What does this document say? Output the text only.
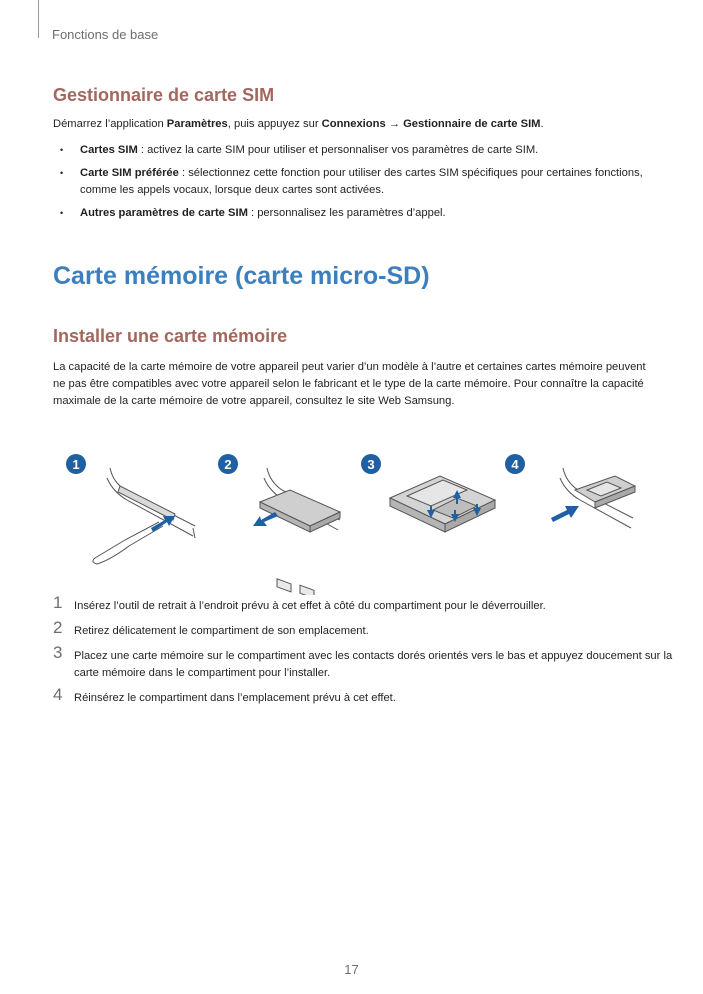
Fonctions de base
Gestionnaire de carte SIM
Démarrez l’application Paramètres, puis appuyez sur Connexions → Gestionnaire de carte SIM.
• Cartes SIM : activez la carte SIM pour utiliser et personnaliser vos paramètres de carte SIM.
• Carte SIM préférée : sélectionnez cette fonction pour utiliser des cartes SIM spécifiques pour certaines fonctions, comme les appels vocaux, lorsque deux cartes sont activées.
• Autres paramètres de carte SIM : personnalisez les paramètres d’appel.
Carte mémoire (carte micro-SD)
Installer une carte mémoire
La capacité de la carte mémoire de votre appareil peut varier d’un modèle à l’autre et certaines cartes mémoire peuvent ne pas être compatibles avec votre appareil selon le fabricant et le type de la carte mémoire. Pour connaître la capacité maximale de la carte mémoire de votre appareil, consultez le site Web Samsung.
1	2	3	4
1 Insérez l’outil de retrait à l’endroit prévu à cet effet à côté du compartiment pour le déverrouiller.
2 Retirez délicatement le compartiment de son emplacement.
3 Placez une carte mémoire sur le compartiment avec les contacts dorés orientés vers le bas et appuyez doucement sur la carte mémoire dans le compartiment pour l’installer.
4 Réinsérez le compartiment dans l’emplacement prévu à cet effet.
17
